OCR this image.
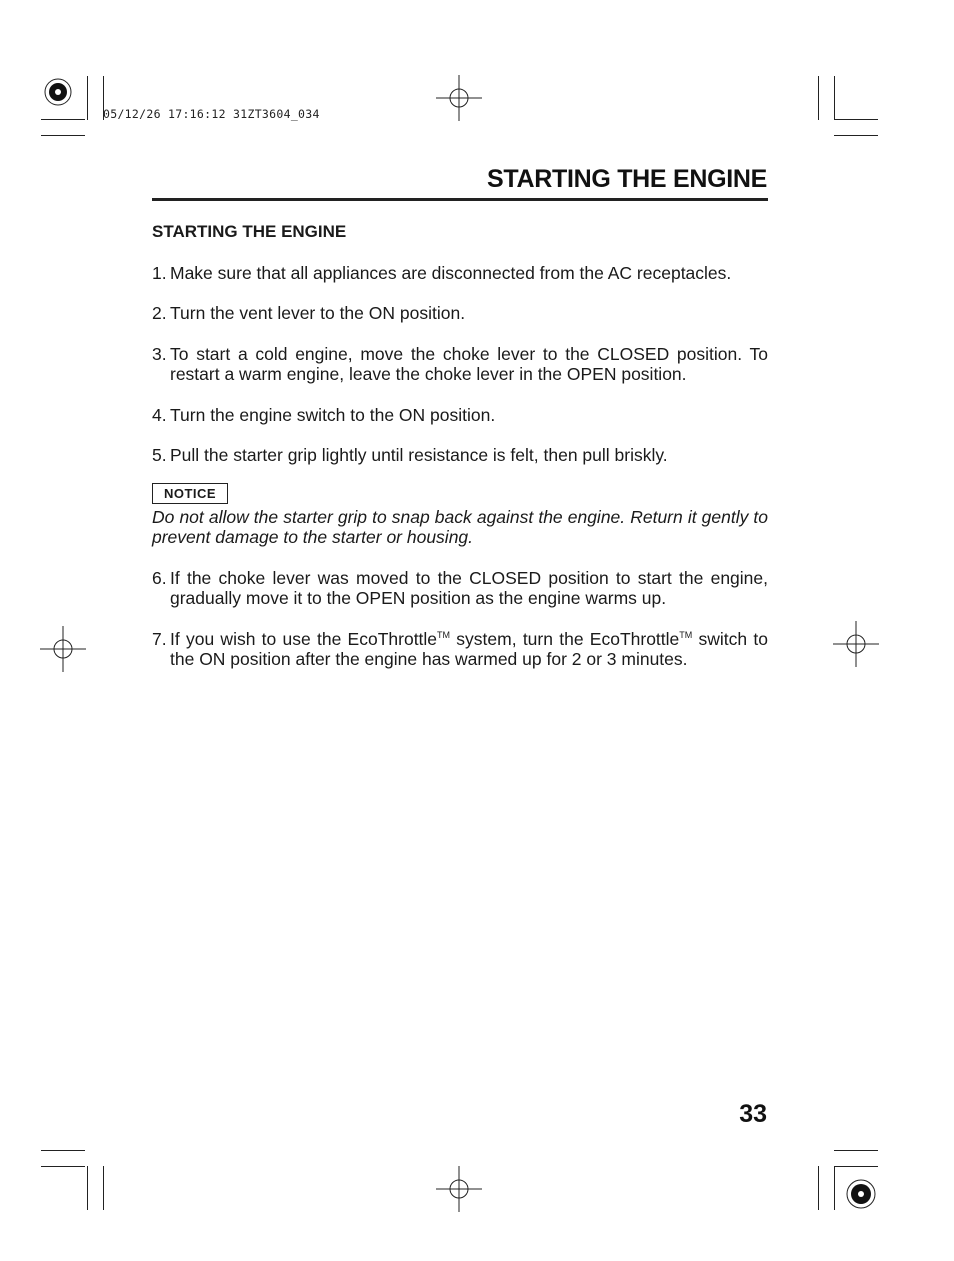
05/12/26 17:16:12 31ZT3604_034
STARTING THE ENGINE
STARTING THE ENGINE
1. Make sure that all appliances are disconnected from the AC receptacles.
2. Turn the vent lever to the ON position.
3. To start a cold engine, move the choke lever to the CLOSED position. To restart a warm engine, leave the choke lever in the OPEN position.
4. Turn the engine switch to the ON position.
5. Pull the starter grip lightly until resistance is felt, then pull briskly.
NOTICE
Do not allow the starter grip to snap back against the engine. Return it gently to prevent damage to the starter or housing.
6. If the choke lever was moved to the CLOSED position to start the engine, gradually move it to the OPEN position as the engine warms up.
7. If you wish to use the EcoThrottle™ system, turn the EcoThrottle™ switch to the ON position after the engine has warmed up for 2 or 3 minutes.
33
